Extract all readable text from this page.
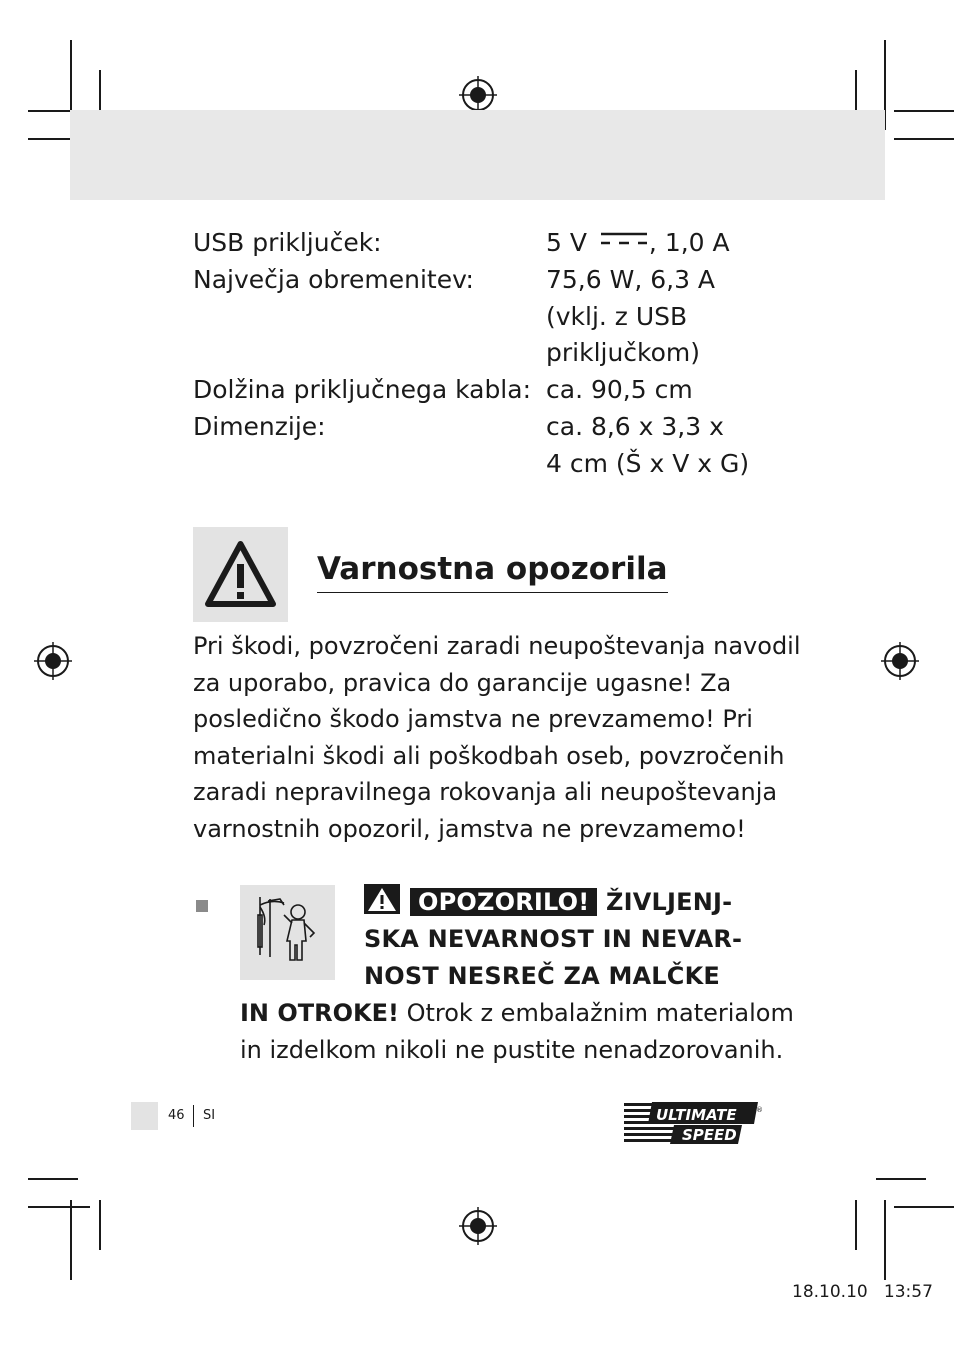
USB priključek:	5 V , 1,0 A
Največja obremenitev:	75,6 W, 6,3 A
(vklj. z USB
priključkom)
Dolžina priključnega kabla: ca. 90,5 cm
Dimenzije:	ca. 8,6 x 3,3 x
4 cm (Š x V x G)
Varnostna opozorila
Pri škodi, povzročeni zaradi neupoštevanja navodil
za uporabo, pravica do garancije ugasne! Za
posledično škodo jamstva ne prevzamemo! Pri
materialni škodi ali poškodbah oseb, povzročenih
zaradi nepravilnega rokovanja ali neupoštevanja
varnostnih opozoril, jamstva ne prevzamemo!
OPOZORILO! ŽIVLJENJ-
SKA NEVARNOST IN NEVAR-
NOST NESREČ ZA MALČKE
IN OTROKE! Otrok z embalažnim materialom
in izdelkom nikoli ne pustite nenadzorovanih.
46 SI	ULTIMATE
SPEED
®
18.10.10 13:57
